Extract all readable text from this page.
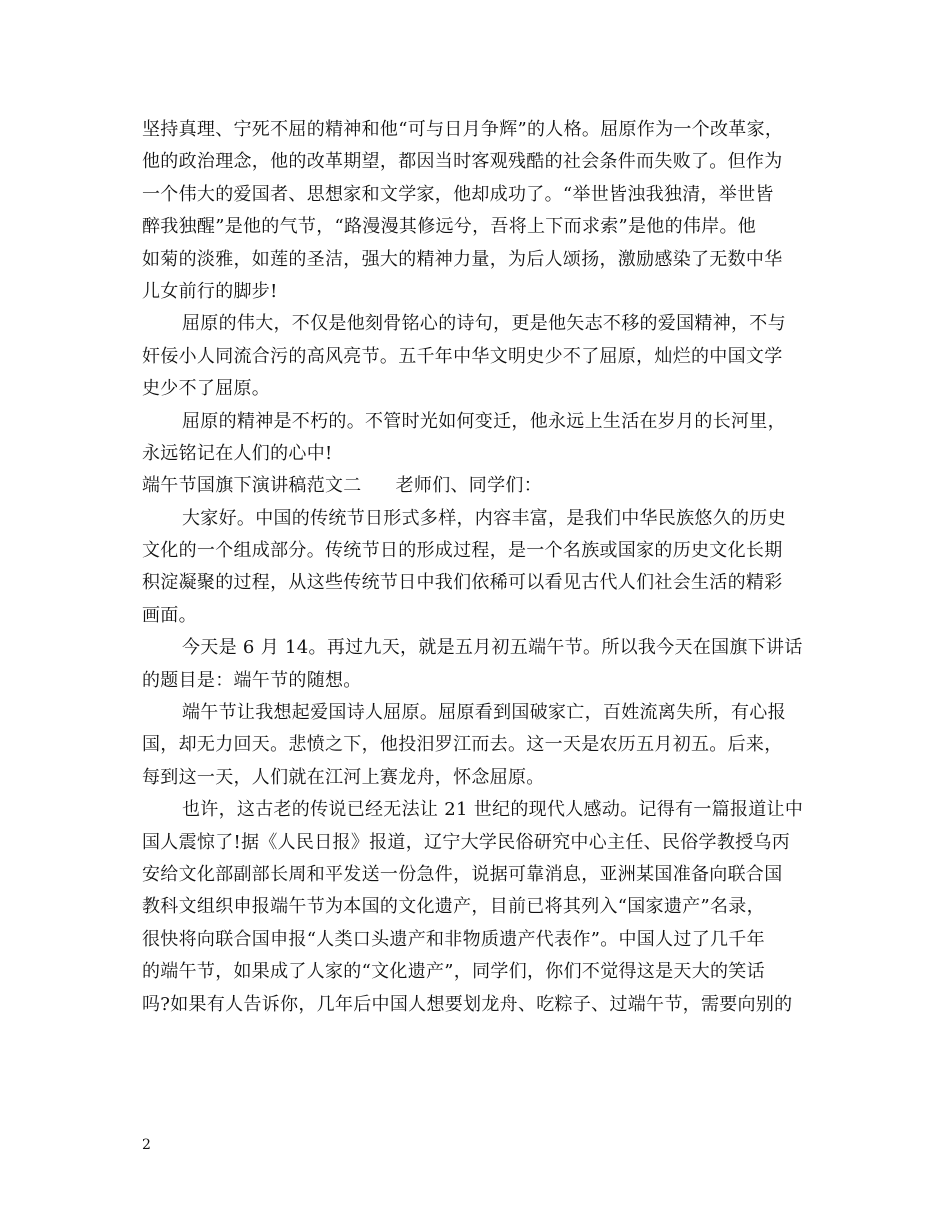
坚持真理、宁死不屈的精神和他“可与日月争辉”的人格。屈原作为一个改革家，
他的政治理念，他的改革期望，都因当时客观残酷的社会条件而失败了。但作为
一个伟大的爱国者、思想家和文学家，他却成功了。“举世皆浊我独清，举世皆
醉我独醒”是他的气节，“路漫漫其修远兮，吾将上下而求索”是他的伟岸。他
如菊的淡雅，如莲的圣洁，强大的精神力量，为后人颂扬，激励感染了无数中华
儿女前行的脚步!
屈原的伟大，不仅是他刻骨铭心的诗句，更是他矢志不移的爱国精神，不与
奸佞小人同流合污的高风亮节。五千年中华文明史少不了屈原，灿烂的中国文学
史少不了屈原。
屈原的精神是不朽的。不管时光如何变迁，他永远上生活在岁月的长河里，
永远铭记在人们的心中!
端午节国旗下演讲稿范文二 老师们、同学们：
大家好。中国的传统节日形式多样，内容丰富，是我们中华民族悠久的历史
文化的一个组成部分。传统节日的形成过程，是一个名族或国家的历史文化长期
积淀凝聚的过程，从这些传统节日中我们依稀可以看见古代人们社会生活的精彩
画面。
今天是 6 月 14。再过九天，就是五月初五端午节。所以我今天在国旗下讲话
的题目是：端午节的随想。
端午节让我想起爱国诗人屈原。屈原看到国破家亡，百姓流离失所，有心报
国，却无力回天。悲愤之下，他投汨罗江而去。这一天是农历五月初五。后来，
每到这一天，人们就在江河上赛龙舟，怀念屈原。
也许，这古老的传说已经无法让 21 世纪的现代人感动。记得有一篇报道让中
国人震惊了!据《人民日报》报道，辽宁大学民俗研究中心主任、民俗学教授乌丙
安给文化部副部长周和平发送一份急件，说据可靠消息，亚洲某国准备向联合国
教科文组织申报端午节为本国的文化遗产，目前已将其列入“国家遗产”名录，
很快将向联合国申报“人类口头遗产和非物质遗产代表作”。中国人过了几千年
的端午节，如果成了人家的“文化遗产”，同学们，你们不觉得这是天大的笑话
吗?如果有人告诉你，几年后中国人想要划龙舟、吃粽子、过端午节，需要向别的
2
